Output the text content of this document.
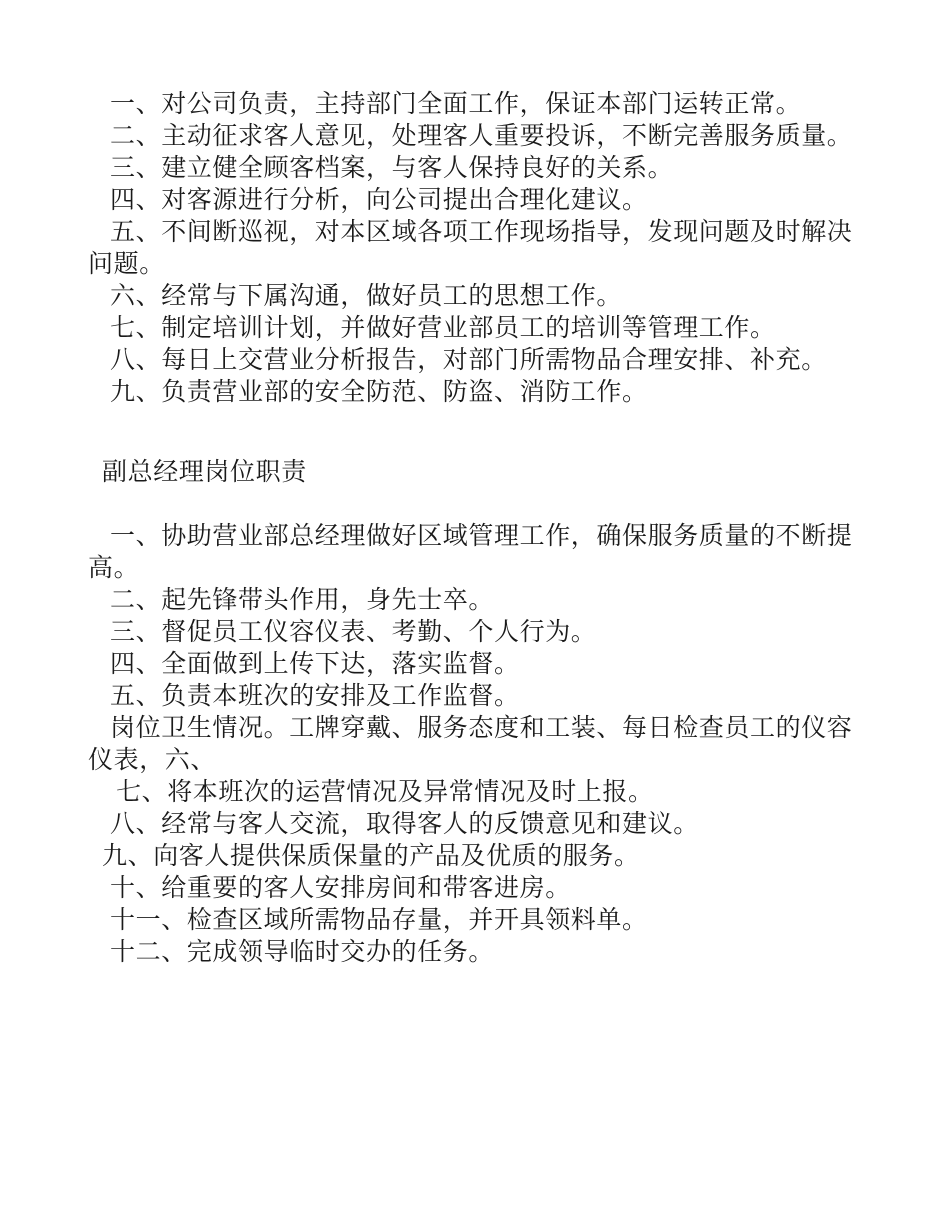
一、对公司负责，主持部门全面工作，保证本部门运转正常。

二、主动征求客人意见，处理客人重要投诉，不断完善服务质量。

三、建立健全顾客档案，与客人保持良好的关系。

四、对客源进行分析，向公司提出合理化建议。

五、不间断巡视，对本区域各项工作现场指导，发现问题及时解决问题。

六、经常与下属沟通，做好员工的思想工作。

七、制定培训计划，并做好营业部员工的培训等管理工作。

八、每日上交营业分析报告，对部门所需物品合理安排、补充。

九、负责营业部的安全防范、防盗、消防工作。

副总经理岗位职责

一、协助营业部总经理做好区域管理工作，确保服务质量的不断提高。

二、起先锋带头作用，身先士卒。

三、督促员工仪容仪表、考勤、个人行为。

四、全面做到上传下达，落实监督。

五、负责本班次的安排及工作监督。

岗位卫生情况。工牌穿戴、服务态度和工装、每日检查员工的仪容仪表，六、

七、将本班次的运营情况及异常情况及时上报。

八、经常与客人交流，取得客人的反馈意见和建议。

九、向客人提供保质保量的产品及优质的服务。

十、给重要的客人安排房间和带客进房。

十一、检查区域所需物品存量，并开具领料单。

十二、完成领导临时交办的任务。
